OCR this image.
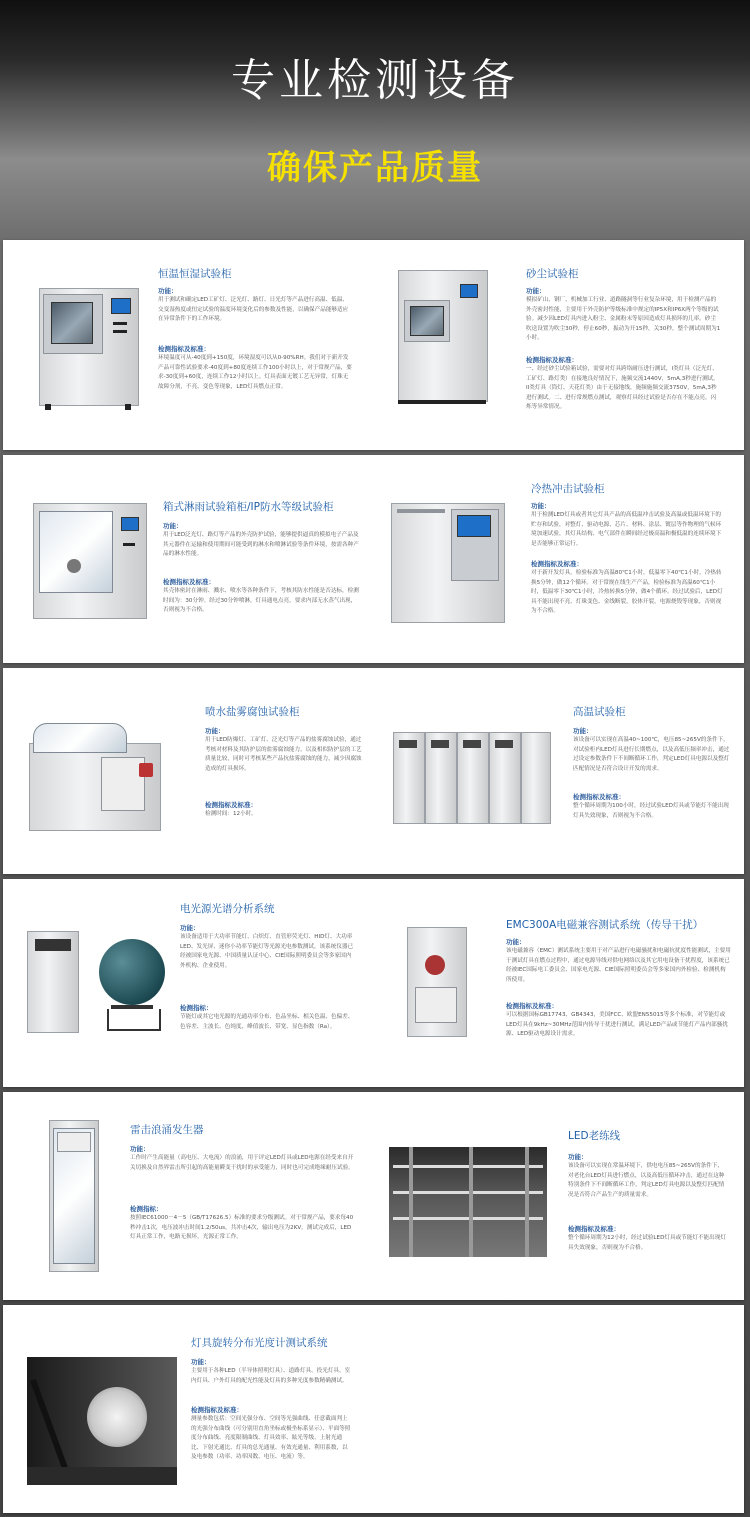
专业检测设备
确保产品质量
恒温恒湿试验柜
功能：

用于测试和确定LED工矿灯、泛光灯、路灯、日光灯等产品进行高温、低温、交变湿热度或恒定试验的温度环境变化后的参数及性能，以确保产品能够适应在异常条件下的工作环境。

检测指标及标准：

环境温度可从-40度到+150度，环境湿度可以从0-90%RH。我们对于新开发产品可靠性试验要求-40度到+80度连续工作100小时以上，对于常规产品，要求-30度到+60度，连续工作12小时以上。灯具表面无镀工艺无异常，灯珠无故障分剂，不亮、变色等现象，LED灯具燃点正常。

砂尘试验柜
功能：

模拟矿山、钢厂、机械加工行业、道路隧洞等行业复杂环境，用于检测产品的外壳密封性能，主要用于外壳防护等级标准中规定的IP5X和IP6X两个等级的试验。减少因LED灯具内进入粉尘、金属粉末等原因造成灯具损坏的几率。砂尘吹送设置为吹尘30秒，停止60秒，振动为开15秒，关30秒，整个测试周期为1小时。

检测指标及标准：

一、经过砂尘试验箱试验，需要对灯具跨络耐压进行测试，I类灯具（泛光灯、工矿灯、路灯类）在接地良好情况下，施频交流1440V，5mA,3秒进行测试。II类灯具（筒灯、天花灯类）由于无接地线，施频施频交流3750V，5mA,3秒进行测试。二、进行常规燃点测试，观察灯具经过试验是否存在不能点亮，闪烁等异常情况。

箱式淋雨试验箱柜/IP防水等级试验柜
功能：

用于LED泛光灯、路灯等产品的外壳防护试验，能够提供逼真的模拟电子产品及其元器件在运输和使用期间可能受到的淋水和喷淋试验等条件环境，按需各种产品的淋水性能。

检测指标及标准：

其壳体密封在淋雨、溅水、喷水等各种条件下，考核其防水性能是否达标，检测时间为：30分钟。经过30分钟喷淋，灯具通电点亮，要求内部无水蒸气出现，否则视为不合格。

冷热冲击试验柜
功能：

用于检测LED灯具或者其它灯具产品的高低温冲击试验及高温或低温环境下的贮存和试验，对整灯、驱动电源、芯片、材料、涂层、镀层等作物理的气候环境加速试验，其灯具结构、电气部件在瞬间经过极高温和极低温的连续环境下是否能够正常运行。

检测指标及标准：

对于新开发灯具，检验标准为高温80℃1小时，低温零下40℃1小时，冷热转换5分钟，做12个循环。对于常规在线生产产品，检验标准为高温60℃1小时，低温零下30℃1小时，冷热转换5分钟，做4个循环。经过试验后，LED灯具不能出现不亮、灯珠变色、金线断裂，胶体开裂，电源烧毁等现象，否则视为不合格。

喷水盐雾腐蚀试验柜
功能：

用于LED防爆灯、工矿灯、泛光灯等产品的盐雾腐蚀试验，通过考核对材料及其防护层的盐雾腐蚀能力，以及相似防护层的工艺质量比较，同时可考核某些产品抗盐雾腐蚀的能力，减少因腐蚀造成的灯具损坏。

检测指标及标准：

检测时间：12小时。

高温试验柜
功能：

该设备可以实现在高温40~100℃，电压85~265V的条件下，对试验柜内LED灯具进行长期燃点，以及高低压频率冲击，通过过设定参数条件下不间断循环工作，判定LED灯具电源以及整灯匹配情况是否符合设计开发的需求。

检测指标及标准：

整个循环周期为100小时，经过试验LED灯具或节能灯不能出现灯具失效现象，否则视为不合格。

电光源光谱分析系统
功能：

该设备适用于大功率节能灯、白炽灯、直管形荧光灯、HID灯、大功率LED、发光屏、迷你小功率节能灯等光源光电参数测试，该系统仪器已经被国家电光源、中国质量认证中心、CIE国际照明委员会等多家国内外机构、企业使用。

检测指标：

节能灯或其它电光源的光通功率分布、色品坐标、相关色温、色偏差、色容差、主波长、色纯度、峰值波长、带宽、显色指数（Ra）。

EMC300A电磁兼容测试系统（传导干扰）
功能：

该电磁兼容（EMC）测试系统主要用于对产品进行电磁骚扰和电磁抗扰度性能测试，主要用于测试灯具在燃点过程中，通过电源导线对供电网络以及其它用电设备干扰程度，该系统已经被IEC国际电工委员会、国家电光源、CIE国际照明委员会等多家国内外检验、检测机构所使用。

检测指标及标准：

可以根据国标GB17743、GB4343，美国FCC、欧盟EN55015等多个标准，对节能灯或LED灯具在9kHz~30MHz范围内传导干扰进行测试，满足LED产品或节能灯产品内部骚扰源、LED驱动电源设计需求。

雷击浪涌发生器
功能：

工作时产生高能量（高电压、大电流）的浪涌，用于评定LED灯具或LED电源在经受来自开关切换及自然界雷击所引起的高能量瞬变干扰时的承受能力，同时也可完成绝缘耐压试验。

检测指标：

按照IEC61000－4－5（GB/T17626.5）标准的要求分级测试。对于常规产品，要求每40秒冲击1次，电压波冲击时间1.2/50us，共冲击4次，输出电压为2KV。测试完成后，LED灯具正常工作，电路无损坏，光源正常工作。

LED老练线
功能：

该设备可以实现在常温环境下，供电电压85~265V的条件下，对老化台LED灯具进行燃点，以及高低压循环冲击，通过在这种特别条件下不间断循环工作，判定LED灯具电源以及整灯匹配情况是否符合产品生产的质量需求。

检测指标及标准：

整个循环周期为12小时，经过试验LED灯具或节能灯不能出现灯具失效现象，否则视为不合格。

灯具旋转分布光度计测试系统
功能：

主要用于各种LED（半导体照明灯具）、道路灯具、投光灯具、室内灯具、户外灯具的配光性能及灯具的多种光度参数精确测试。

检测指标及标准：

测量参数包括：空间光强分布、空间等光强曲线、任意截面判上的光强分布曲线（可分别用直角坐标或极坐标系显示）、平面等照度分布曲线、亮度限制曲线、灯具效率、眩光等级、上射光通比、下射光通比、灯具的总光通量、有效光通量、利用系数，以及电参数（功率、功率因数、电压、电流）等。
